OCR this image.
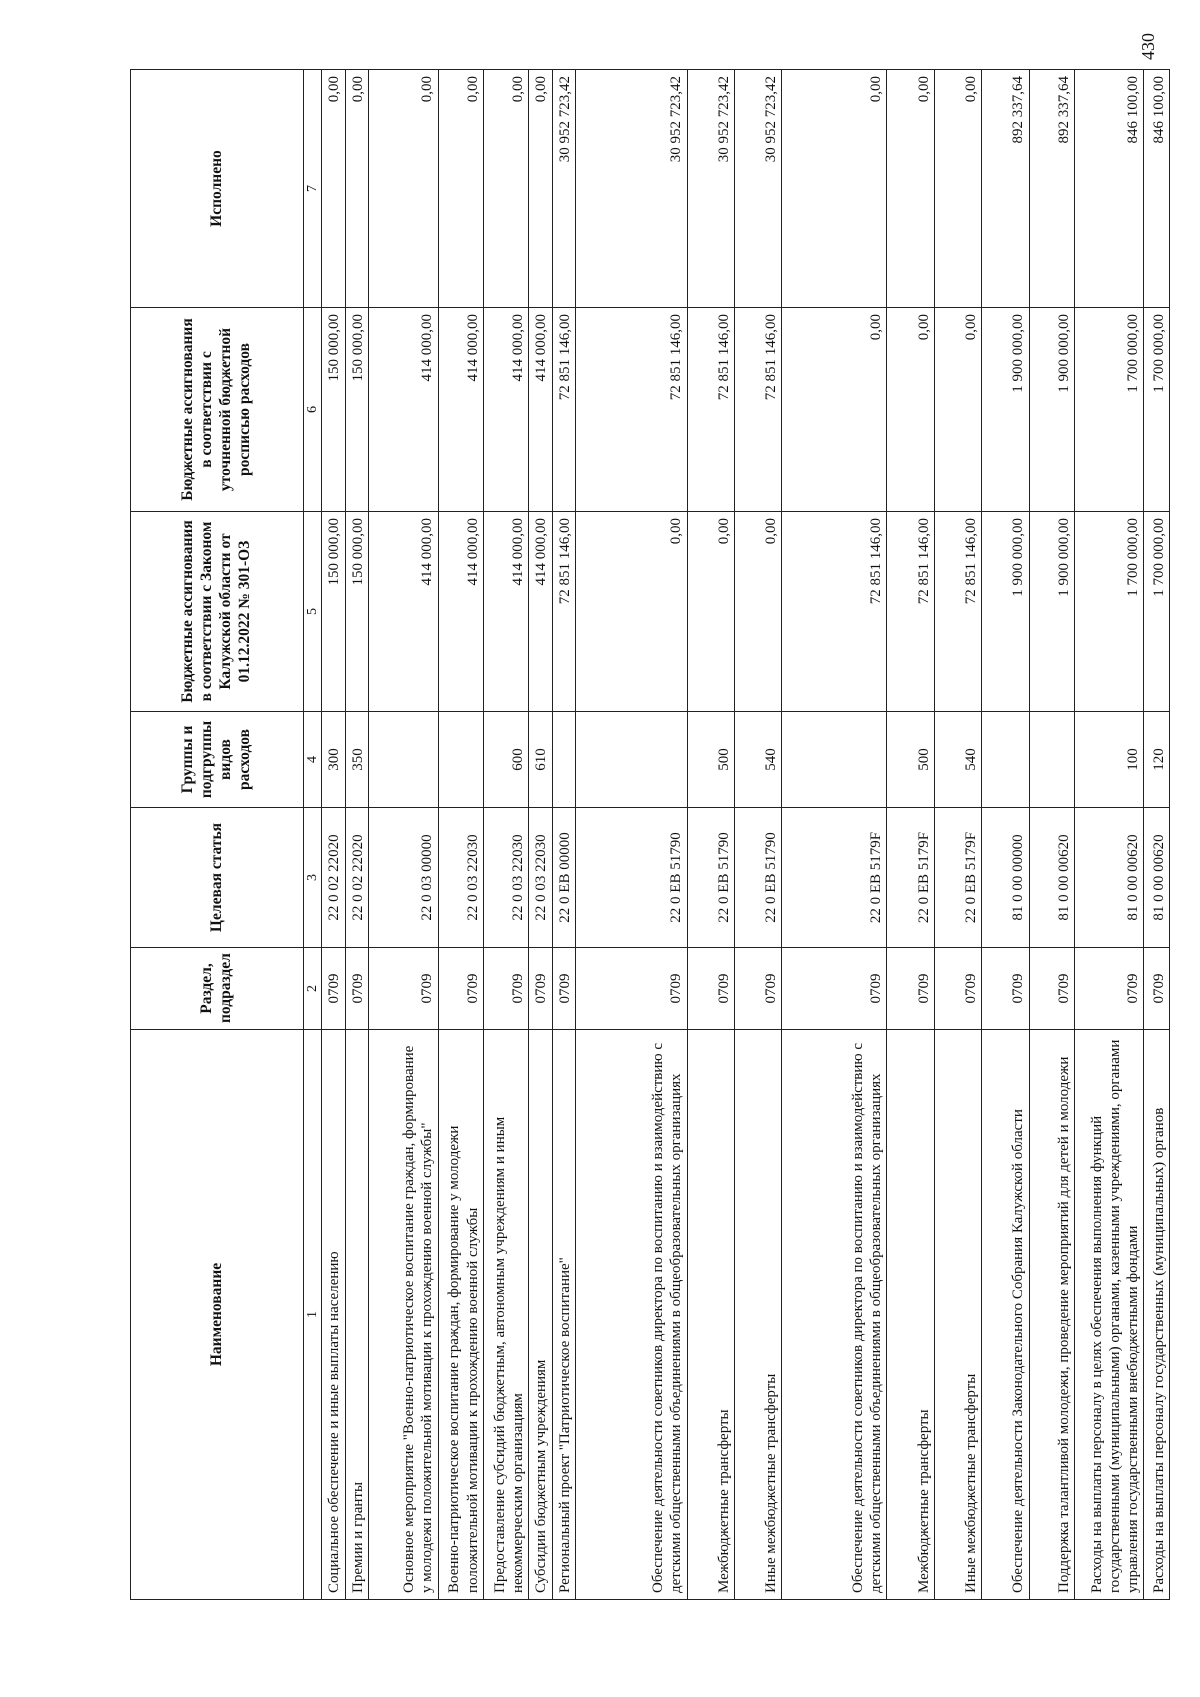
430
Наименование	Раздел, подраздел	Целевая статья	Группы и подгруппы видов расходов	Бюджетные ассигнования в соответствии с Законом Калужской области от 01.12.2022 № 301-ОЗ	Бюджетные ассигнования в соответствии с уточненной бюджетной росписью расходов	Исполнено
1	2	3	4	5	6	7
Социальное обеспечение и иные выплаты населению	0709	22 0 02 22020	300	150 000,00	150 000,00	0,00
Премии и гранты	0709	22 0 02 22020	350	150 000,00	150 000,00	0,00
Основное мероприятие "Военно-патриотическое воспитание граждан, формирование у молодежи положительной мотивации к прохождению военной службы"	0709	22 0 03 00000		414 000,00	414 000,00	0,00
Военно-патриотическое воспитание граждан, формирование у молодежи положительной мотивации к прохождению военной службы	0709	22 0 03 22030		414 000,00	414 000,00	0,00
Предоставление субсидий бюджетным, автономным учреждениям и иным некоммерческим организациям	0709	22 0 03 22030	600	414 000,00	414 000,00	0,00
Субсидии бюджетным учреждениям	0709	22 0 03 22030	610	414 000,00	414 000,00	0,00
Региональный проект "Патриотическое воспитание"	0709	22 0 EB 00000		72 851 146,00	72 851 146,00	30 952 723,42
Обеспечение деятельности советников директора по воспитанию и взаимодействию с детскими общественными объединениями в общеобразовательных организациях	0709	22 0 EB 51790		0,00	72 851 146,00	30 952 723,42
Межбюджетные трансферты	0709	22 0 EB 51790	500	0,00	72 851 146,00	30 952 723,42
Иные межбюджетные трансферты	0709	22 0 EB 51790	540	0,00	72 851 146,00	30 952 723,42
Обеспечение деятельности советников директора по воспитанию и взаимодействию с детскими общественными объединениями в общеобразовательных организациях	0709	22 0 EB 5179F		72 851 146,00	0,00	0,00
Межбюджетные трансферты	0709	22 0 EB 5179F	500	72 851 146,00	0,00	0,00
Иные межбюджетные трансферты	0709	22 0 EB 5179F	540	72 851 146,00	0,00	0,00
Обеспечение деятельности Законодательного Собрания Калужской области	0709	81 0 00 00000		1 900 000,00	1 900 000,00	892 337,64
Поддержка талантливой молодежи, проведение мероприятий для детей и молодежи	0709	81 0 00 00620		1 900 000,00	1 900 000,00	892 337,64
Расходы на выплаты персоналу в целях обеспечения выполнения функций государственными (муниципальными) органами, казенными учреждениями, органами управления государственными внебюджетными фондами	0709	81 0 00 00620	100	1 700 000,00	1 700 000,00	846 100,00
Расходы на выплаты персоналу государственных (муниципальных) органов	0709	81 0 00 00620	120	1 700 000,00	1 700 000,00	846 100,00
